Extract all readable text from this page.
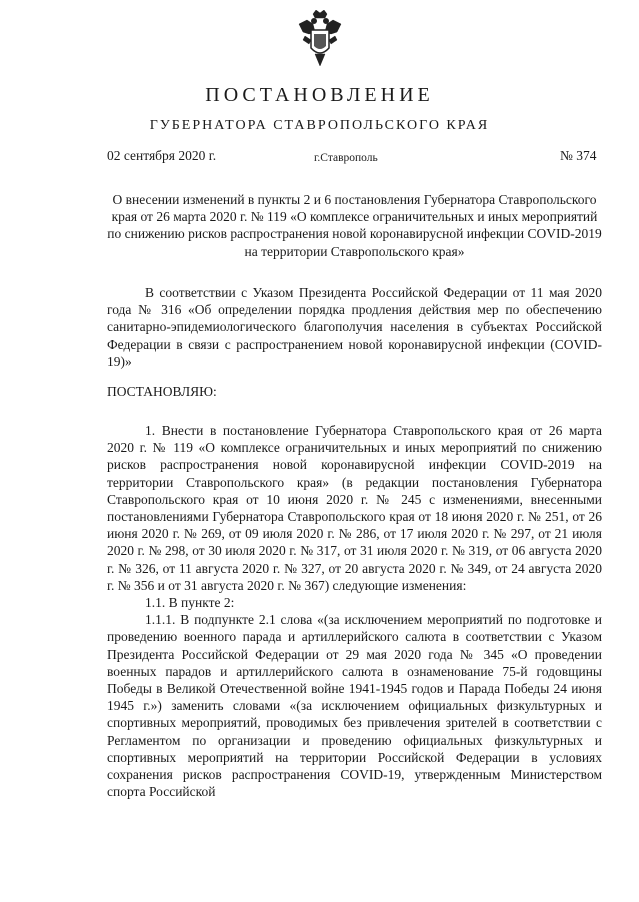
ПОСТАНОВЛЕНИЕ
ГУБЕРНАТОРА СТАВРОПОЛЬСКОГО КРАЯ
02 сентября 2020 г.	г.Ставрополь	№ 374
О внесении изменений в пункты 2 и 6 постановления Губернатора Ставропольского края от 26 марта 2020 г. № 119 «О комплексе ограничительных и иных мероприятий по снижению рисков распространения новой коронавирусной инфекции COVID-2019 на территории Ставропольского края»
В соответствии с Указом Президента Российской Федерации от 11 мая 2020 года № 316 «Об определении порядка продления действия мер по обеспечению санитарно-эпидемиологического благополучия населения в субъектах Российской Федерации в связи с распространением новой коронавирусной инфекции (COVID-19)»
ПОСТАНОВЛЯЮ:

1. Внести в постановление Губернатора Ставропольского края от 26 марта 2020 г. № 119 «О комплексе ограничительных и иных мероприятий по снижению рисков распространения новой коронавирусной инфекции COVID-2019 на территории Ставропольского края» (в редакции постановления Губернатора Ставропольского края от 10 июня 2020 г. № 245 с изменениями, внесенными постановлениями Губернатора Ставропольского края от 18 июня 2020 г. № 251, от 26 июня 2020 г. № 269, от 09 июля 2020 г. № 286, от 17 июля 2020 г. № 297, от 21 июля 2020 г. № 298, от 30 июля 2020 г. № 317, от 31 июля 2020 г. № 319, от 06 августа 2020 г. № 326, от 11 августа 2020 г. № 327, от 20 августа 2020 г. № 349, от 24 августа 2020 г. № 356 и от 31 августа 2020 г. № 367) следующие изменения:

1.1. В пункте 2:

1.1.1. В подпункте 2.1 слова «(за исключением мероприятий по подготовке и проведению военного парада и артиллерийского салюта в соответствии с Указом Президента Российской Федерации от 29 мая 2020 года № 345 «О проведении военных парадов и артиллерийского салюта в ознаменование 75-й годовщины Победы в Великой Отечественной войне 1941-1945 годов и Парада Победы 24 июня 1945 г.») заменить словами «(за исключением официальных физкультурных и спортивных мероприятий, проводимых без привлечения зрителей в соответствии с Регламентом по организации и проведению официальных физкультурных и спортивных мероприятий на территории Российской Федерации в условиях сохранения рисков распространения COVID-19, утвержденным Министерством спорта Российской
